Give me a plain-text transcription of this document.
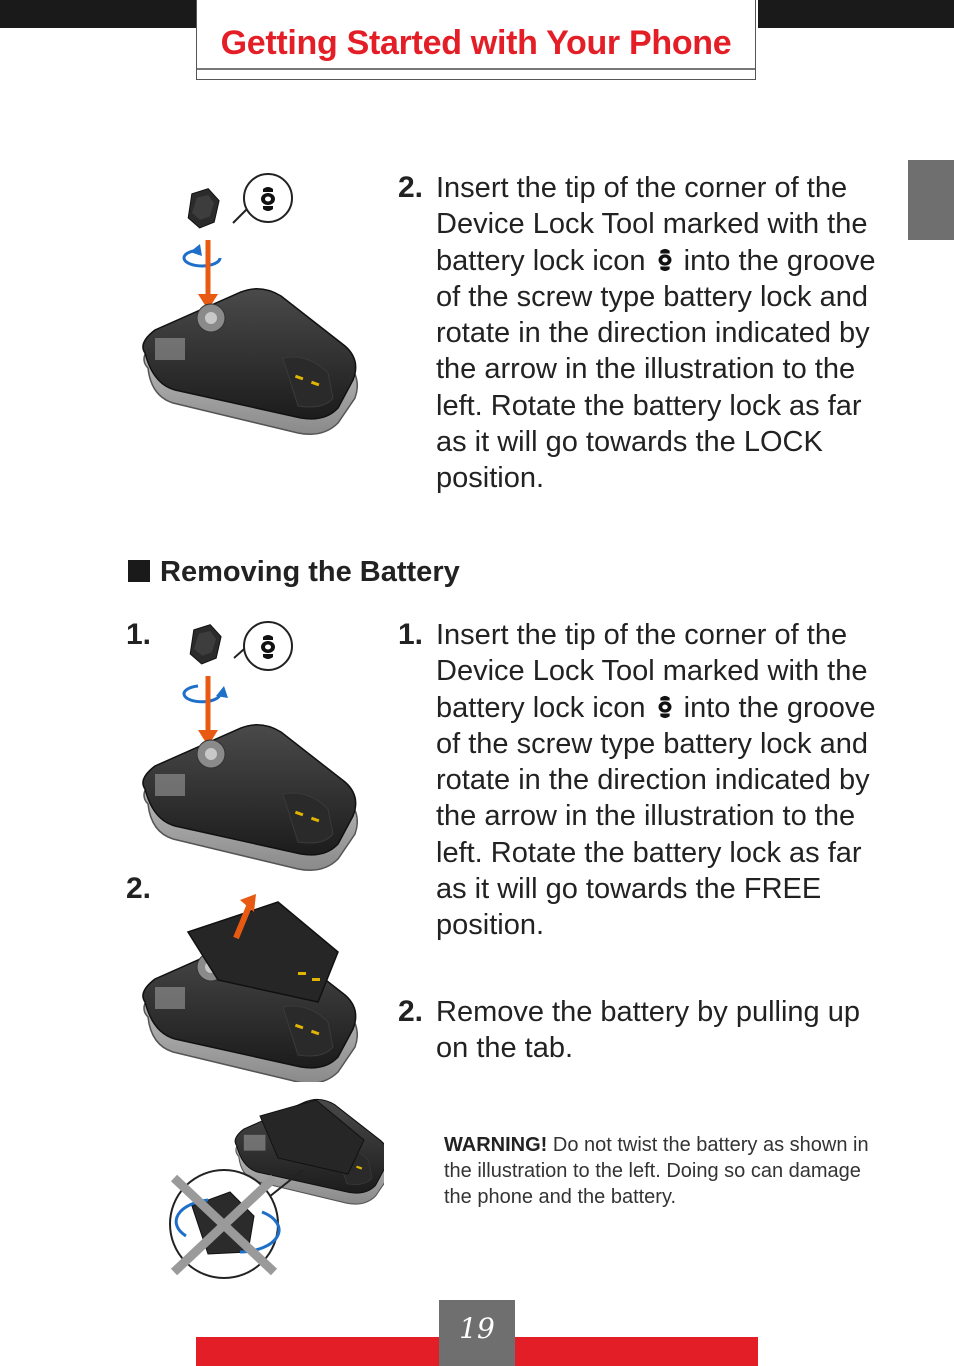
Getting Started with Your Phone
2. Insert the tip of the corner of the Device Lock Tool marked with the battery lock icon  into the groove of the screw type battery lock and rotate in the direction indicated by the arrow in the illustration to the left. Rotate the battery lock as far as it will go towards the LOCK position.
Removing the Battery
1.
2.
1. Insert the tip of the corner of the Device Lock Tool marked with the battery lock icon  into the groove of the screw type battery lock and rotate in the direction indicated by the arrow in the illustration to the left. Rotate the battery lock as far as it will go towards the FREE position.
2. Remove the battery by pulling up on the tab.
WARNING! Do not twist the battery as shown in the illustration to the left. Doing so can damage the phone and the battery.
19
